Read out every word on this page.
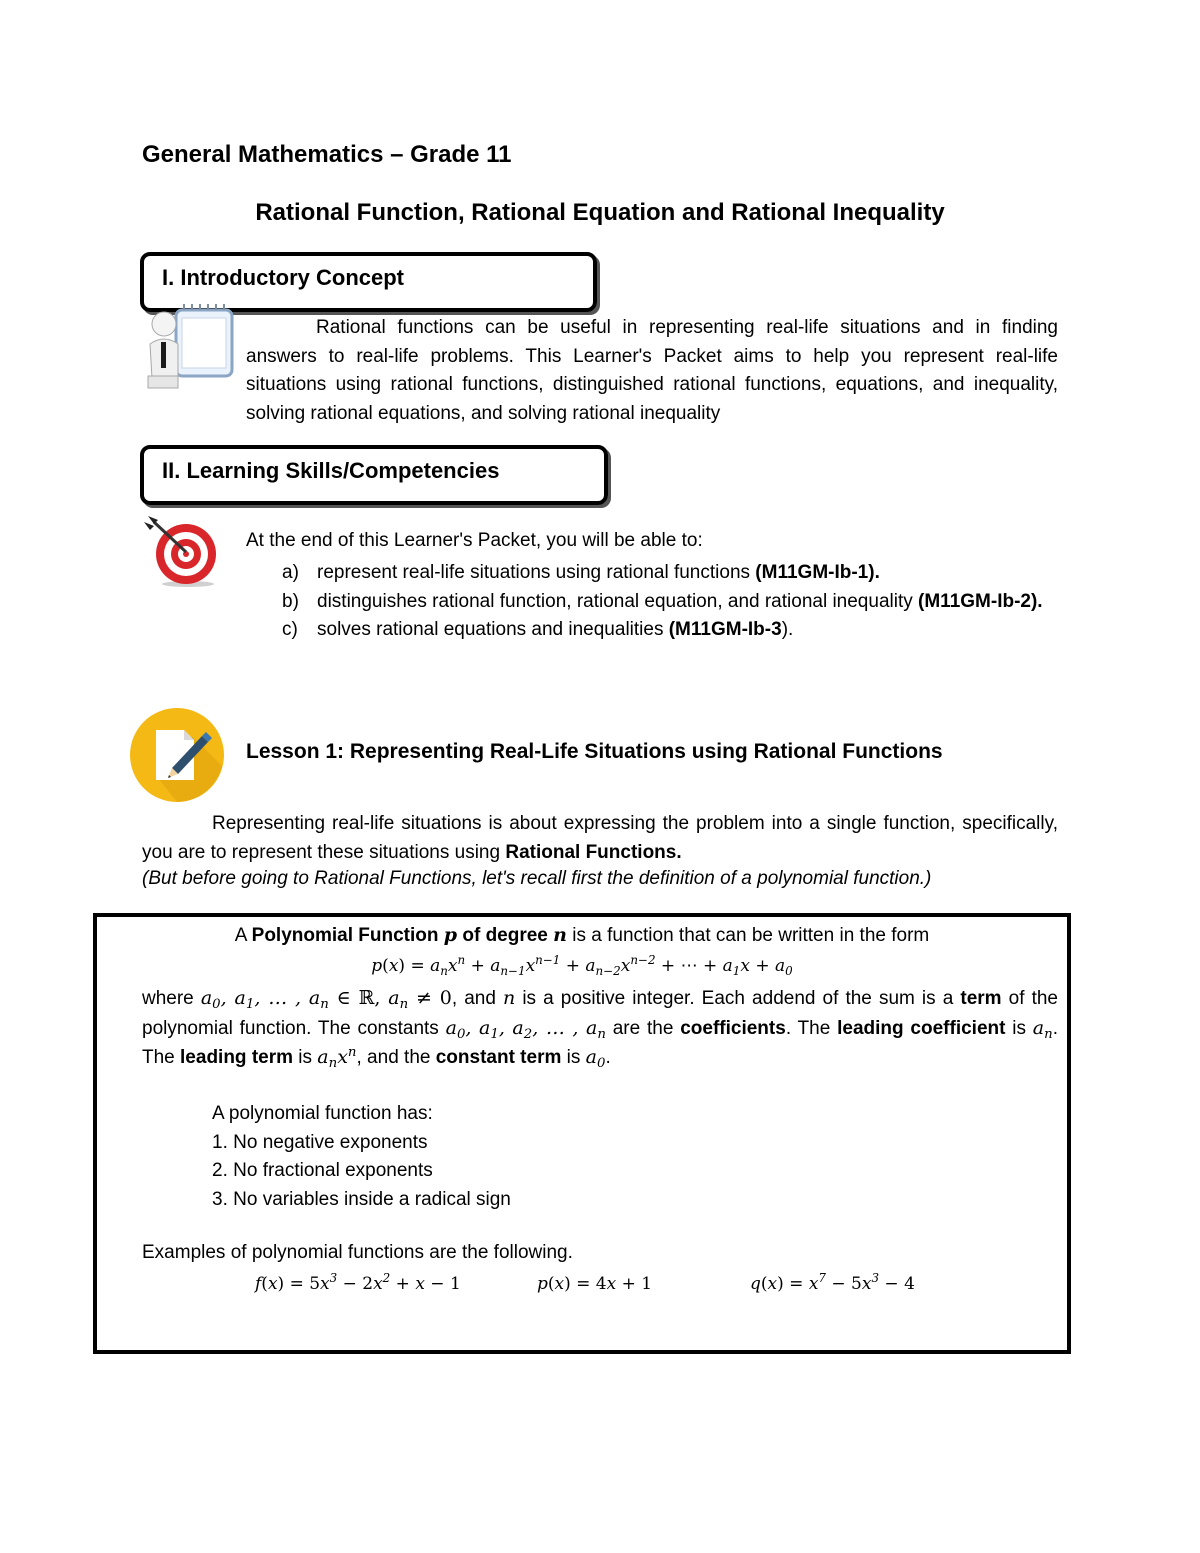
General Mathematics – Grade 11
Rational Function, Rational Equation and Rational Inequality
I. Introductory Concept
Rational functions can be useful in representing real-life situations and in finding answers to real-life problems. This Learner's Packet aims to help you represent real-life situations using rational functions, distinguished rational functions, equations, and inequality, solving rational equations, and solving rational inequality
II. Learning Skills/Competencies
At the end of this Learner's Packet, you will be able to:
a) represent real-life situations using rational functions (M11GM-Ib-1).
b) distinguishes rational function, rational equation, and rational inequality (M11GM-Ib-2).
c) solves rational equations and inequalities (M11GM-Ib-3).
Lesson 1: Representing Real-Life Situations using Rational Functions
Representing real-life situations is about expressing the problem into a single function, specifically, you are to represent these situations using Rational Functions.
(But before going to Rational Functions, let's recall first the definition of a polynomial function.)
A Polynomial Function p of degree n is a function that can be written in the form
$p(x) = a_nx^n + a_{n-1}x^{n-1} + a_{n-2}x^{n-2}$ + ⋯ + $a_1x + a_0$
where $a_0$, $a_1$, … , $a_n$ ∈ ℝ, $a_n \ne 0$, and n is a positive integer. Each addend of the sum is a term of the polynomial function. The constants $a_0$, $a_1$, $a_2$, … , $a_n$ are the coefficients. The leading coefficient is $a_n$. The leading term is $a_nx^n$, and the constant term is $a_0$.
A polynomial function has:
1. No negative exponents
2. No fractional exponents
3. No variables inside a radical sign
Examples of polynomial functions are the following.
$f(x) = 5x^3 - 2x^2 + x - 1$	p(x) = 4x + 1	$q(x) = x^7 - 5x^3 - 4$
